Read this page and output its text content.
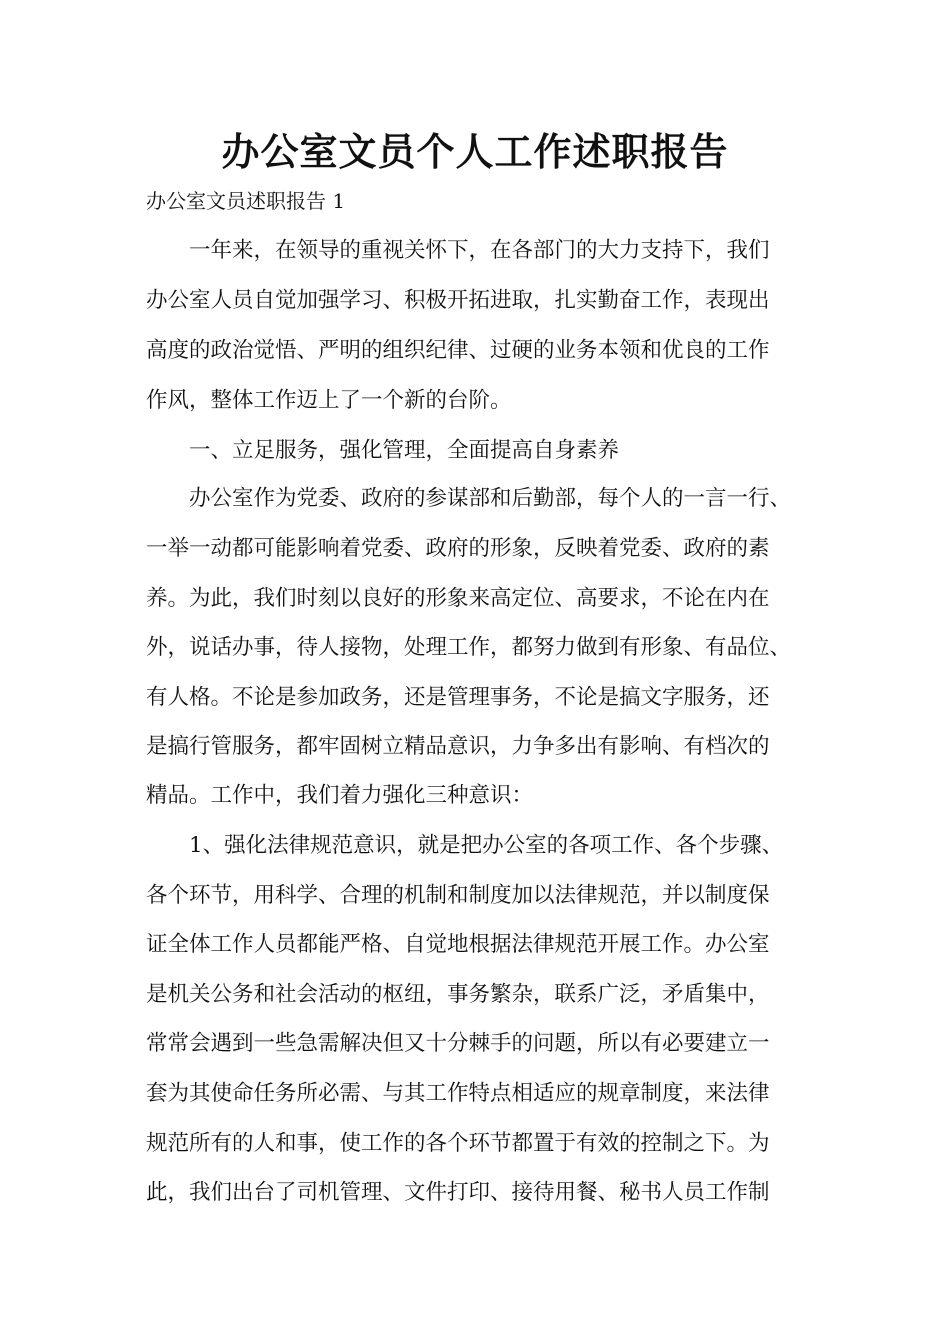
办公室文员个人工作述职报告

办公室文员述职报告 1

一年来，在领导的重视关怀下，在各部门的大力支持下，我们

办公室人员自觉加强学习、积极开拓进取，扎实勤奋工作，表现出

高度的政治觉悟、严明的组织纪律、过硬的业务本领和优良的工作

作风，整体工作迈上了一个新的台阶。

一、立足服务，强化管理，全面提高自身素养

办公室作为党委、政府的参谋部和后勤部，每个人的一言一行、

一举一动都可能影响着党委、政府的形象，反映着党委、政府的素

养。为此，我们时刻以良好的形象来高定位、高要求，不论在内在

外，说话办事，待人接物，处理工作，都努力做到有形象、有品位、

有人格。不论是参加政务，还是管理事务，不论是搞文字服务，还

是搞行管服务，都牢固树立精品意识，力争多出有影响、有档次的

精品。工作中，我们着力强化三种意识：

1、强化法律规范意识，就是把办公室的各项工作、各个步骤、

各个环节，用科学、合理的机制和制度加以法律规范，并以制度保

证全体工作人员都能严格、自觉地根据法律规范开展工作。办公室

是机关公务和社会活动的枢纽，事务繁杂，联系广泛，矛盾集中，

常常会遇到一些急需解决但又十分棘手的问题，所以有必要建立一

套为其使命任务所必需、与其工作特点相适应的规章制度，来法律

规范所有的人和事，使工作的各个环节都置于有效的控制之下。为

此，我们出台了司机管理、文件打印、接待用餐、秘书人员工作制
